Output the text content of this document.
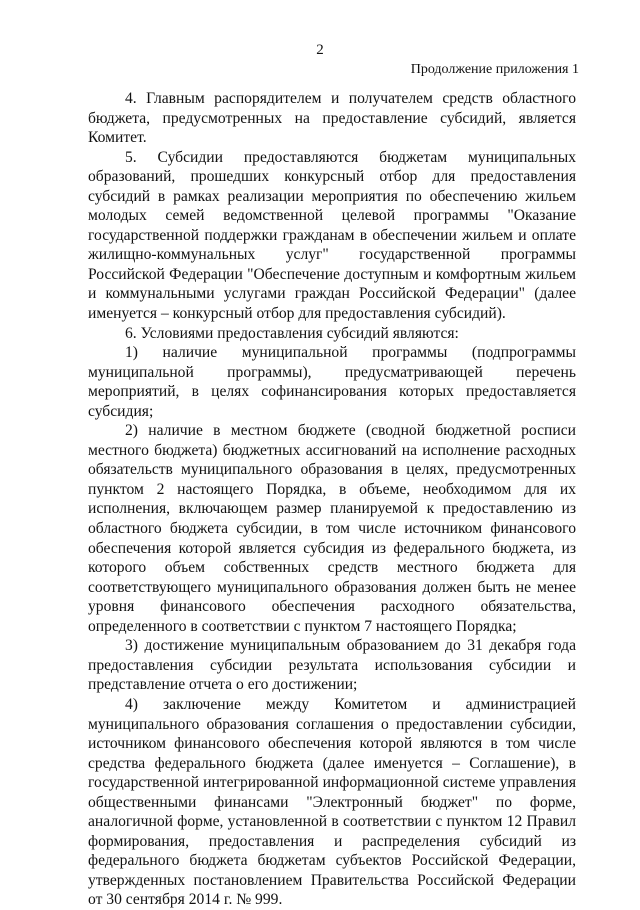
2
Продолжение приложения 1

4. Главным распорядителем и получателем средств областного бюджета, предусмотренных на предоставление субсидий, является Комитет.

5. Субсидии предоставляются бюджетам муниципальных образований, прошедших конкурсный отбор для предоставления субсидий в рамках реализации мероприятия по обеспечению жильем молодых семей ведомственной целевой программы "Оказание государственной поддержки гражданам в обеспечении жильем и оплате жилищно-коммунальных услуг" государственной программы Российской Федерации "Обеспечение доступным и комфортным жильем и коммунальными услугами граждан Российской Федерации" (далее именуется – конкурсный отбор для предоставления субсидий).

6. Условиями предоставления субсидий являются:

1) наличие муниципальной программы (подпрограммы муниципальной программы), предусматривающей перечень мероприятий, в целях софинансирования которых предоставляется субсидия;

2) наличие в местном бюджете (сводной бюджетной росписи местного бюджета) бюджетных ассигнований на исполнение расходных обязательств муниципального образования в целях, предусмотренных пунктом 2 настоящего Порядка, в объеме, необходимом для их исполнения, включающем размер планируемой к предоставлению из областного бюджета субсидии, в том числе источником финансового обеспечения которой является субсидия из федерального бюджета, из которого объем собственных средств местного бюджета для соответствующего муниципального образования должен быть не менее уровня финансового обеспечения расходного обязательства, определенного в соответствии с пунктом 7 настоящего Порядка;

3) достижение муниципальным образованием до 31 декабря года предоставления субсидии результата использования субсидии и представление отчета о его достижении;

4) заключение между Комитетом и администрацией муниципального образования соглашения о предоставлении субсидии, источником финансового обеспечения которой являются в том числе средства федерального бюджета (далее именуется – Соглашение), в государственной интегрированной информационной системе управления общественными финансами "Электронный бюджет" по форме, аналогичной форме, установленной в соответствии с пунктом 12 Правил формирования, предоставления и распределения субсидий из федерального бюджета бюджетам субъектов Российской Федерации, утвержденных постановлением Правительства Российской Федерации от 30 сентября 2014 г. № 999.
